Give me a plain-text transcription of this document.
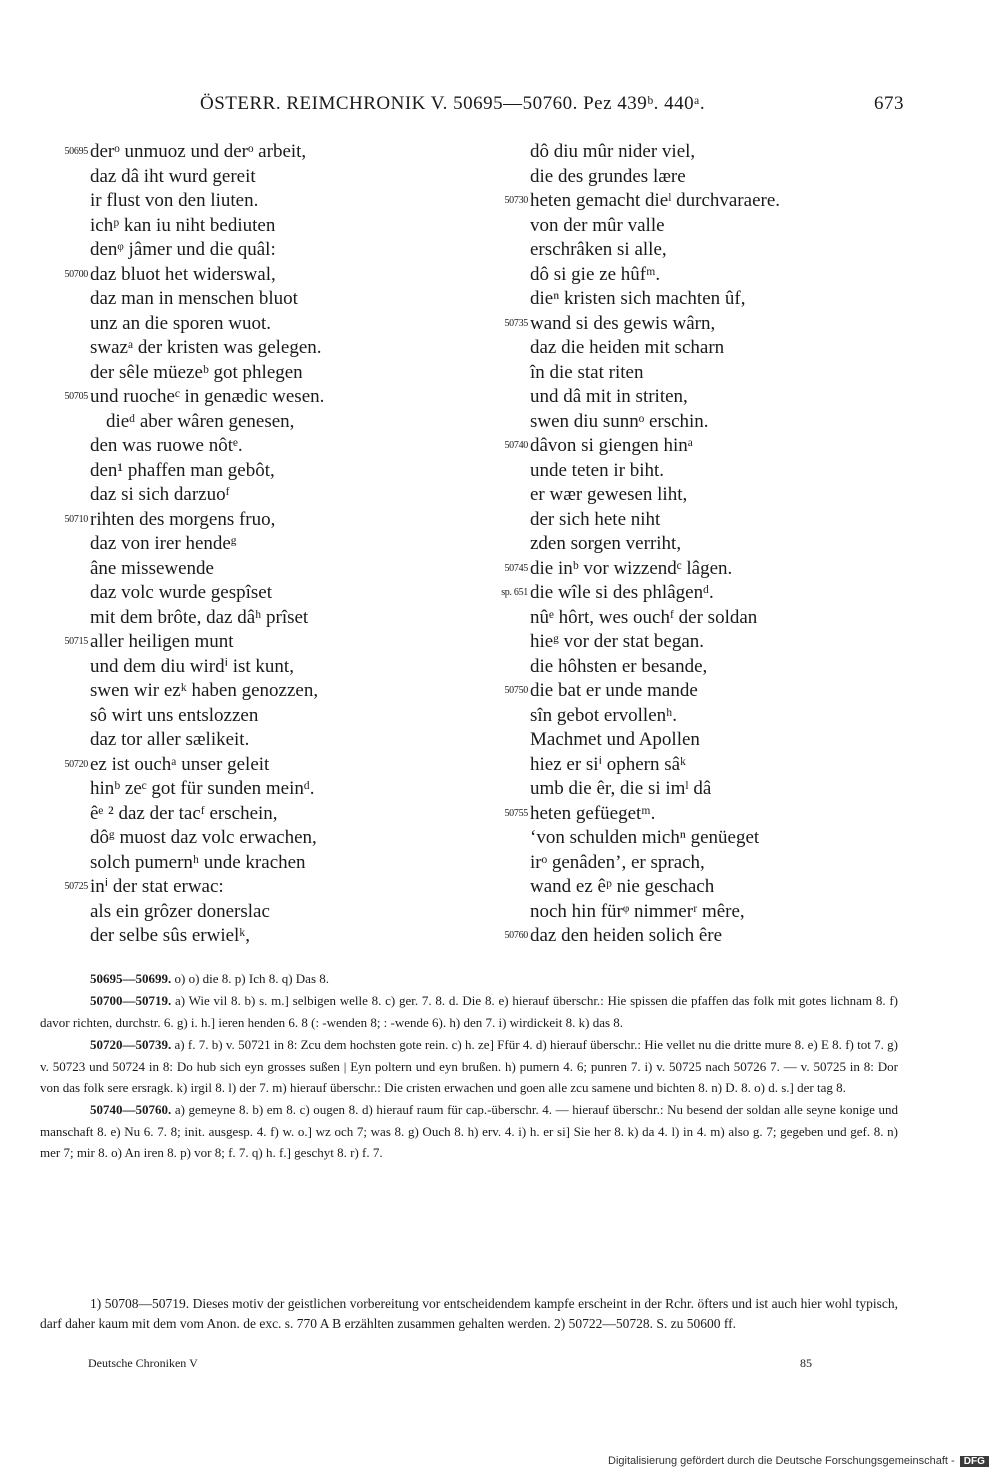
ÖSTERR. REIMCHRONIK V. 50695—50760. Pez 439ᵇ. 440ᵃ.	673
50695 derᵒ unmuoz und derᵒ arbeit,
daz dâ iht wurd gereit
ir flust von den liuten.
ichᵖ kan iu niht bediuten
denᵠ jâmer und die quâl:
50700 daz bluot het widerswal,
daz man in menschen bluot
unz an die sporen wuot.
swazᵃ der kristen was gelegen.
der sêle müezeᵇ got phlegen
50705 und ruocheᶜ in genædic wesen.
dieᵈ aber wâren genesen,
den was ruowe nôtᵉ.
den¹ phaffen man gebôt,
daz si sich darzuoᶠ
50710 rihten des morgens fruo,
daz von irer hendeᵍ
âne missewende
daz volc wurde gespîset
mit dem brôte, daz dâʰ prîset
50715 aller heiligen munt
und dem diu wirdⁱ ist kunt,
swen wir ezᵏ haben genozzen,
sô wirt uns entslozzen
daz tor aller sælikeit.
50720 ez ist ouchᵃ unser geleit
hinᵇ zeᶜ got für sunden meinᵈ.
êᵉ ² daz der tacᶠ erschein,
dôᵍ muost daz volc erwachen,
solch pumernʰ unde krachen
50725 inⁱ der stat erwac:
als ein grôzer donerslac
der selbe sûs erwielᵏ,
dô diu mûr nider viel,
die des grundes lære
50730 heten gemacht dieˡ durchvaraere.
von der mûr valle
erschrâken si alle,
dô si gie ze hûfᵐ.
dieⁿ kristen sich machten ûf,
50735 wand si des gewis wârn,
daz die heiden mit scharn
în die stat riten
und dâ mit in striten,
swen diu sunnᵒ erschin.
50740 dâvon si giengen hinᵃ
unde teten ir biht.
er wær gewesen liht,
der sich hete niht
zden sorgen verriht,
50745 die inᵇ vor wizzendᶜ lâgen.
sp. 651 die wîle si des phlâgenᵈ.
nûᵉ hôrt, wes ouchᶠ der soldan
hieᵍ vor der stat began.
die hôhsten er besande,
50750 die bat er unde mande
sîn gebot ervollenʰ.
Machmet und Apollen
hiez er siⁱ ophern sâᵏ
umb die êr, die si imˡ dâ
50755 heten gefüegetᵐ.
‘von schulden michⁿ genüeget
irᵒ genâden’, er sprach,
wand ez êᵖ nie geschach
noch hin fürᵠ nimmerʳ mêre,
50760 daz den heiden solich êre

50695—50699. o) o) die 8. p) Ich 8. q) Das 8.

50700—50719. a) Wie vil 8. b) s. m.] selbigen welle 8. c) ger. 7. 8. d. Die 8. e) hierauf überschr.: Hie spissen die pfaffen das folk mit gotes lichnam 8. f) davor richten, durchstr. 6. g) i. h.] ieren henden 6. 8 (: -wenden 8; : -wende 6). h) den 7. i) wirdickeit 8. k) das 8.

50720—50739. a) f. 7. b) v. 50721 in 8: Zcu dem hochsten gote rein. c) h. ze] Ffür 4. d) hierauf überschr.: Hie vellet nu die dritte mure 8. e) E 8. f) tot 7. g) v. 50723 und 50724 in 8: Do hub sich eyn grosses sußen | Eyn poltern und eyn brußen. h) pumern 4. 6; punren 7. i) v. 50725 nach 50726 7. — v. 50725 in 8: Dor von das folk sere ersragk. k) irgil 8. l) der 7. m) hierauf überschr.: Die cristen erwachen und goen alle zcu samene und bichten 8. n) D. 8. o) d. s.] der tag 8.

50740—50760. a) gemeyne 8. b) em 8. c) ougen 8. d) hierauf raum für cap.-überschr. 4. — hierauf überschr.: Nu besend der soldan alle seyne konige und manschaft 8. e) Nu 6. 7. 8; init. ausgesp. 4. f) w. o.] wz och 7; was 8. g) Ouch 8. h) erv. 4. i) h. er si] Sie her 8. k) da 4. l) in 4. m) also g. 7; gegeben und gef. 8. n) mer 7; mir 8. o) An iren 8. p) vor 8; f. 7. q) h. f.] geschyt 8. r) f. 7.

1) 50708—50719. Dieses motiv der geistlichen vorbereitung vor entscheidendem kampfe erscheint in der Rchr. öfters und ist auch hier wohl typisch, darf daher kaum mit dem vom Anon. de exc. s. 770 A B erzählten zusammen gehalten werden. 2) 50722—50728. S. zu 50600 ff.

Deutsche Chroniken V	85
Digitalisierung gefördert durch die Deutsche Forschungsgemeinschaft - DFG
